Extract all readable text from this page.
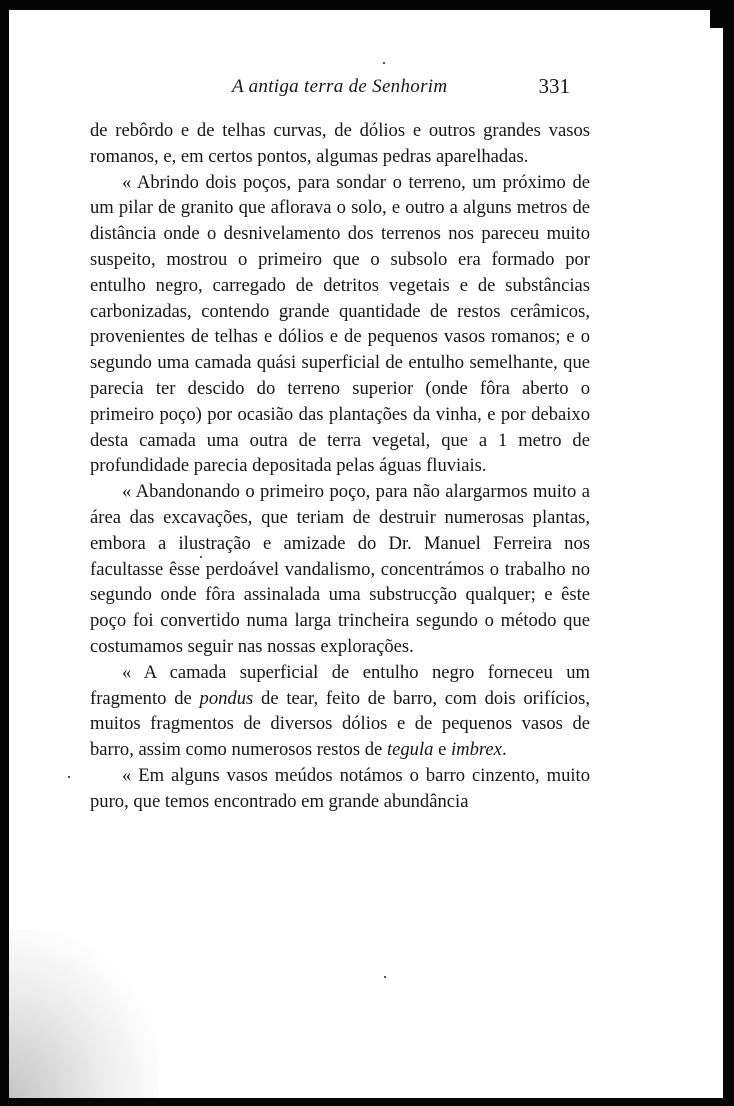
A antiga terra de Senhorim	331

de rebôrdo e de telhas curvas, de dólios e outros grandes vasos romanos, e, em certos pontos, algumas pedras aparelhadas.

« Abrindo dois poços, para sondar o terreno, um próximo de um pilar de granito que aflorava o solo, e outro a alguns metros de distância onde o desnivelamento dos terrenos nos pareceu muito suspeito, mostrou o primeiro que o subsolo era formado por entulho negro, carregado de detritos vegetais e de substâncias carbonizadas, contendo grande quantidade de restos cerâmicos, provenientes de telhas e dólios e de pequenos vasos romanos; e o segundo uma camada quási superficial de entulho semelhante, que parecia ter descido do terreno superior (onde fôra aberto o primeiro poço) por ocasião das plantações da vinha, e por debaixo desta camada uma outra de terra vegetal, que a 1 metro de profundidade parecia depositada pelas águas fluviais.

« Abandonando o primeiro poço, para não alargarmos muito a área das excavações, que teriam de destruir numerosas plantas, embora a ilustração e amizade do Dr. Manuel Ferreira nos facultasse êsse perdoável vandalismo, concentrámos o trabalho no segundo onde fôra assinalada uma substrucção qualquer; e êste poço foi convertido numa larga trincheira segundo o método que costumamos seguir nas nossas explorações.

« A camada superficial de entulho negro forneceu um fragmento de pondus de tear, feito de barro, com dois orifícios, muitos fragmentos de diversos dólios e de pequenos vasos de barro, assim como numerosos restos de tegula e imbrex.

« Em alguns vasos meúdos notámos o barro cinzento, muito puro, que temos encontrado em grande abundância
